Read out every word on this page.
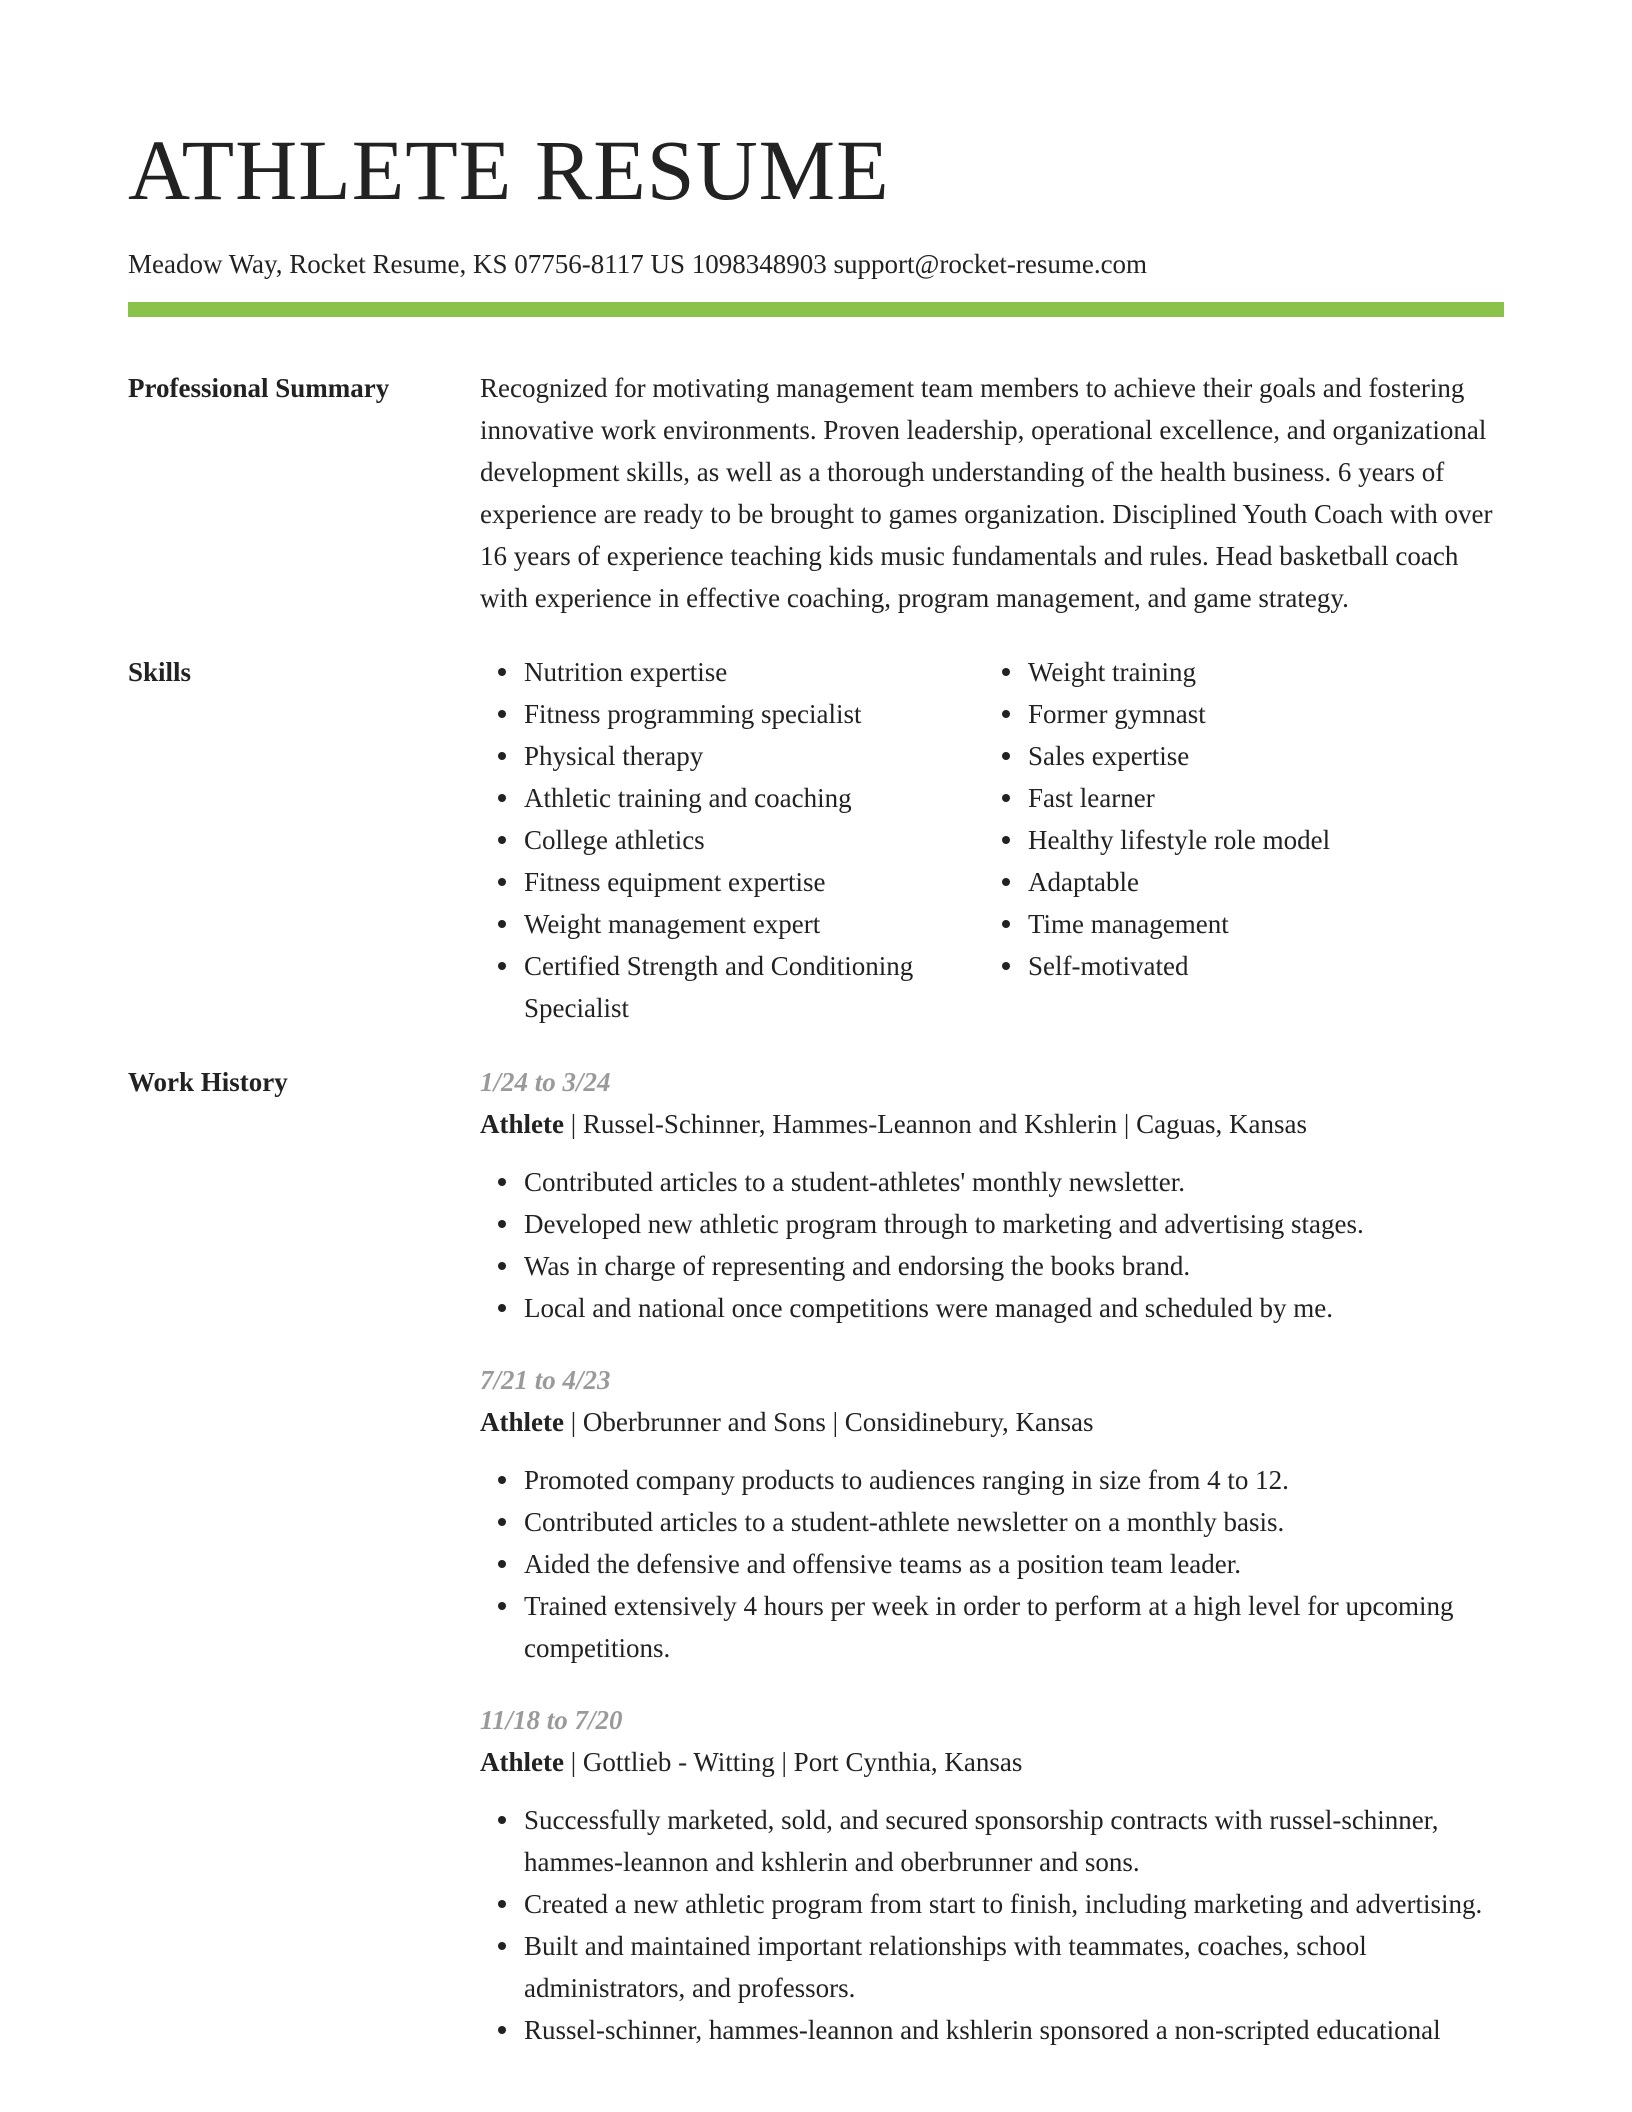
ATHLETE RESUME
Meadow Way, Rocket Resume, KS 07756-8117 US 1098348903 support@rocket-resume.com
Professional Summary	Recognized for motivating management team members to achieve their goals and fostering innovative work environments. Proven leadership, operational excellence, and organizational development skills, as well as a thorough understanding of the health business. 6 years of experience are ready to be brought to games organization. Disciplined Youth Coach with over 16 years of experience teaching kids music fundamentals and rules. Head basketball coach with experience in effective coaching, program management, and game strategy.

Skills	Nutrition expertise
Fitness programming specialist
Physical therapy
Athletic training and coaching
College athletics
Fitness equipment expertise
Weight management expert
Certified Strength and Conditioning Specialist
Weight training
Former gymnast
Sales expertise
Fast learner
Healthy lifestyle role model
Adaptable
Time management
Self-motivated
Work History	1/24 to 3/24
Athlete | Russel-Schinner, Hammes-Leannon and Kshlerin | Caguas, Kansas
Contributed articles to a student-athletes' monthly newsletter.
Developed new athletic program through to marketing and advertising stages.
Was in charge of representing and endorsing the books brand.
Local and national once competitions were managed and scheduled by me.
7/21 to 4/23
Athlete | Oberbrunner and Sons | Considinebury, Kansas
Promoted company products to audiences ranging in size from 4 to 12.
Contributed articles to a student-athlete newsletter on a monthly basis.
Aided the defensive and offensive teams as a position team leader.
Trained extensively 4 hours per week in order to perform at a high level for upcoming competitions.
11/18 to 7/20
Athlete | Gottlieb - Witting | Port Cynthia, Kansas
Successfully marketed, sold, and secured sponsorship contracts with russel-schinner, hammes-leannon and kshlerin and oberbrunner and sons.
Created a new athletic program from start to finish, including marketing and advertising.
Built and maintained important relationships with teammates, coaches, school administrators, and professors.
Russel-schinner, hammes-leannon and kshlerin sponsored a non-scripted educational
